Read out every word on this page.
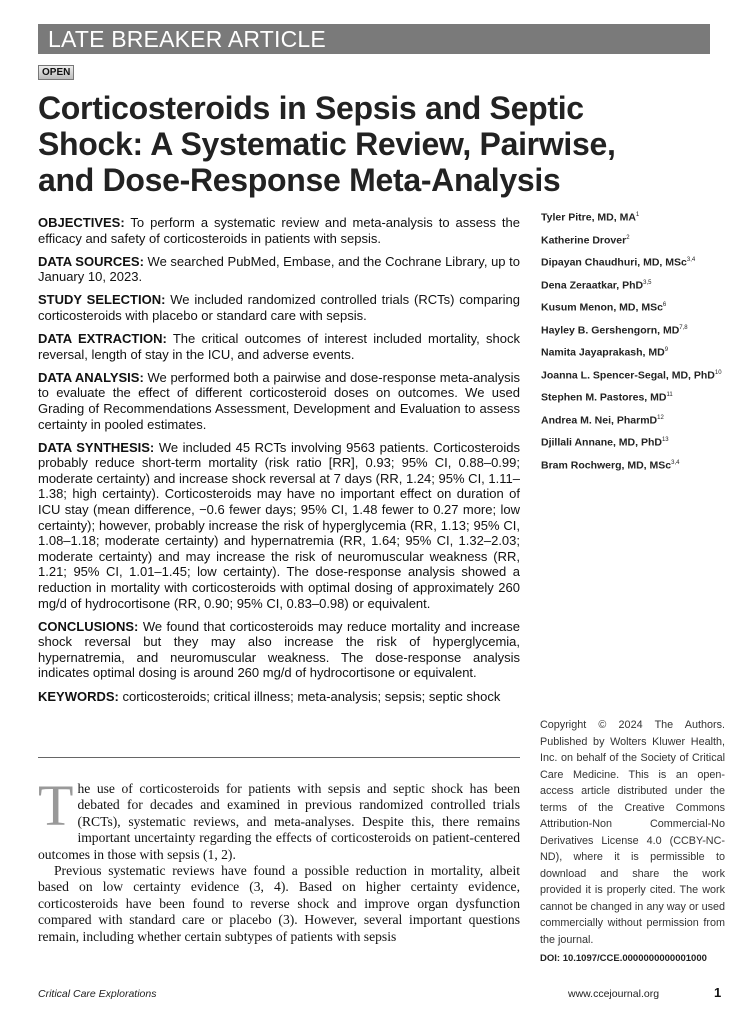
LATE BREAKER ARTICLE
OPEN
Corticosteroids in Sepsis and Septic Shock: A Systematic Review, Pairwise, and Dose-Response Meta-Analysis

OBJECTIVES: To perform a systematic review and meta-analysis to assess the efficacy and safety of corticosteroids in patients with sepsis.

DATA SOURCES: We searched PubMed, Embase, and the Cochrane Library, up to January 10, 2023.

STUDY SELECTION: We included randomized controlled trials (RCTs) comparing corticosteroids with placebo or standard care with sepsis.

DATA EXTRACTION: The critical outcomes of interest included mortality, shock reversal, length of stay in the ICU, and adverse events.

DATA ANALYSIS: We performed both a pairwise and dose-response meta-analysis to evaluate the effect of different corticosteroid doses on outcomes. We used Grading of Recommendations Assessment, Development and Evaluation to assess certainty in pooled estimates.

DATA SYNTHESIS: We included 45 RCTs involving 9563 patients. Corticosteroids probably reduce short-term mortality (risk ratio [RR], 0.93; 95% CI, 0.88–0.99; moderate certainty) and increase shock reversal at 7 days (RR, 1.24; 95% CI, 1.11–1.38; high certainty). Corticosteroids may have no important effect on duration of ICU stay (mean difference, −0.6 fewer days; 95% CI, 1.48 fewer to 0.27 more; low certainty); however, probably increase the risk of hyperglycemia (RR, 1.13; 95% CI, 1.08–1.18; moderate certainty) and hypernatremia (RR, 1.64; 95% CI, 1.32–2.03; moderate certainty) and may increase the risk of neuromuscular weakness (RR, 1.21; 95% CI, 1.01–1.45; low certainty). The dose-response analysis showed a reduction in mortality with corticosteroids with optimal dosing of approximately 260 mg/d of hydrocortisone (RR, 0.90; 95% CI, 0.83–0.98) or equivalent.

CONCLUSIONS: We found that corticosteroids may reduce mortality and increase shock reversal but they may also increase the risk of hyperglycemia, hypernatremia, and neuromuscular weakness. The dose-response analysis indicates optimal dosing is around 260 mg/d of hydrocortisone or equivalent.

KEYWORDS: corticosteroids; critical illness; meta-analysis; sepsis; septic shock

Tyler Pitre, MD, $MA^1$
Katherine Drover$^2$
Dipayan Chaudhuri, MD, MSc$^{3,4}$
Dena Zeraatkar, PhD$^{3,5}$
Kusum Menon, MD, MSc$^6$
Hayley B. Gershengorn, MD$^{7,8}$
Namita Jayaprakash, $MD^9$
Joanna L. Spencer-Segal, MD, PhD$^{10}$
Stephen M. Pastores, MD$^{11}$
Andrea M. Nei, PharmD$^{12}$
Djillali Annane, MD, PhD$^{13}$
Bram Rochwerg, MD, MSc$^{3,4}$

The use of corticosteroids for patients with sepsis and septic shock has been debated for decades and examined in previous randomized controlled trials (RCTs), systematic reviews, and meta-analyses. Despite this, there remains important uncertainty regarding the effects of corticosteroids on patient-centered outcomes in those with sepsis (1, 2).

Previous systematic reviews have found a possible reduction in mortality, albeit based on low certainty evidence (3, 4). Based on higher certainty evidence, corticosteroids have been found to reverse shock and improve organ dysfunction compared with standard care or placebo (3). However, several important questions remain, including whether certain subtypes of patients with sepsis

Copyright © 2024 The Authors. Published by Wolters Kluwer Health, Inc. on behalf of the Society of Critical Care Medicine. This is an open-access article distributed under the terms of the Creative Commons Attribution-Non Commercial-No Derivatives License 4.0 (CCBY-NC-ND), where it is permissible to download and share the work provided it is properly cited. The work cannot be changed in any way or used commercially without permission from the journal.
DOI: 10.1097/CCE.0000000000001000
Critical Care Explorations	www.ccejournal.org	1
